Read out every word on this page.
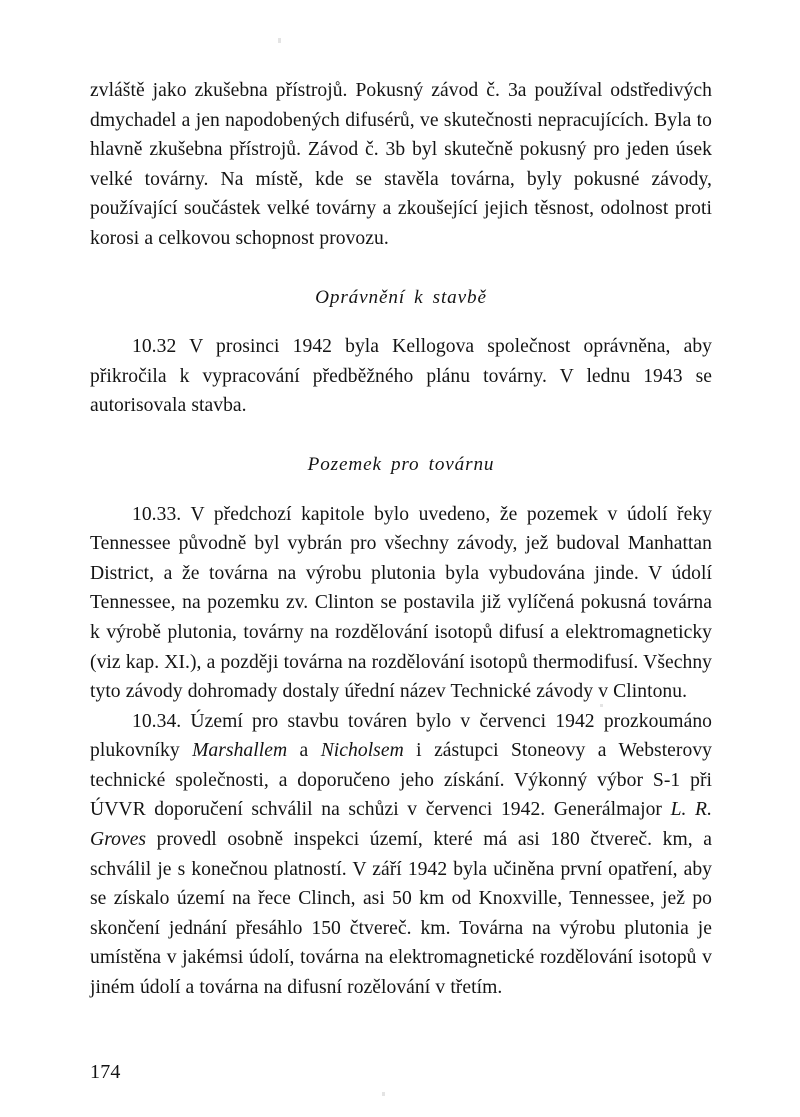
zvláště jako zkušebna přístrojů. Pokusný závod č. 3a používal odstředivých dmychadel a jen napodobených difusérů, ve skutečnosti nepracujících. Byla to hlavně zkušebna přístrojů. Závod č. 3b byl skutečně pokusný pro jeden úsek velké továrny. Na místě, kde se stavěla továrna, byly pokusné závody, používající součástek velké továrny a zkoušející jejich těsnost, odolnost proti korosi a celkovou schopnost provozu.

Oprávnění k stavbě

10.32 V prosinci 1942 byla Kellogova společnost oprávněna, aby přikročila k vypracování předběžného plánu továrny. V lednu 1943 se autorisovala stavba.

Pozemek pro továrnu

10.33. V předchozí kapitole bylo uvedeno, že pozemek v údolí řeky Tennessee původně byl vybrán pro všechny závody, jež budoval Manhattan District, a že továrna na výrobu plutonia byla vybudována jinde. V údolí Tennessee, na pozemku zv. Clinton se postavila již vylíčená pokusná továrna k výrobě plutonia, továrny na rozdělování isotopů difusí a elektromagneticky (viz kap. XI.), a později továrna na rozdělování isotopů thermodifusí. Všechny tyto závody dohromady dostaly úřední název Technické závody v Clintonu.

10.34. Území pro stavbu továren bylo v červenci 1942 prozkoumáno plukovníky Marshallem a Nicholsem i zástupci Stoneovy a Websterovy technické společnosti, a doporučeno jeho získání. Výkonný výbor S-1 při ÚVVR doporučení schválil na schůzi v červenci 1942. Generálmajor L. R. Groves provedl osobně inspekci území, které má asi 180 čtvereč. km, a schválil je s konečnou platností. V září 1942 byla učiněna první opatření, aby se získalo území na řece Clinch, asi 50 km od Knoxville, Tennessee, jež po skončení jednání přesáhlo 150 čtvereč. km. Továrna na výrobu plutonia je umístěna v jakémsi údolí, továrna na elektromagnetické rozdělování isotopů v jiném údolí a továrna na difusní rozělování v třetím.

174
